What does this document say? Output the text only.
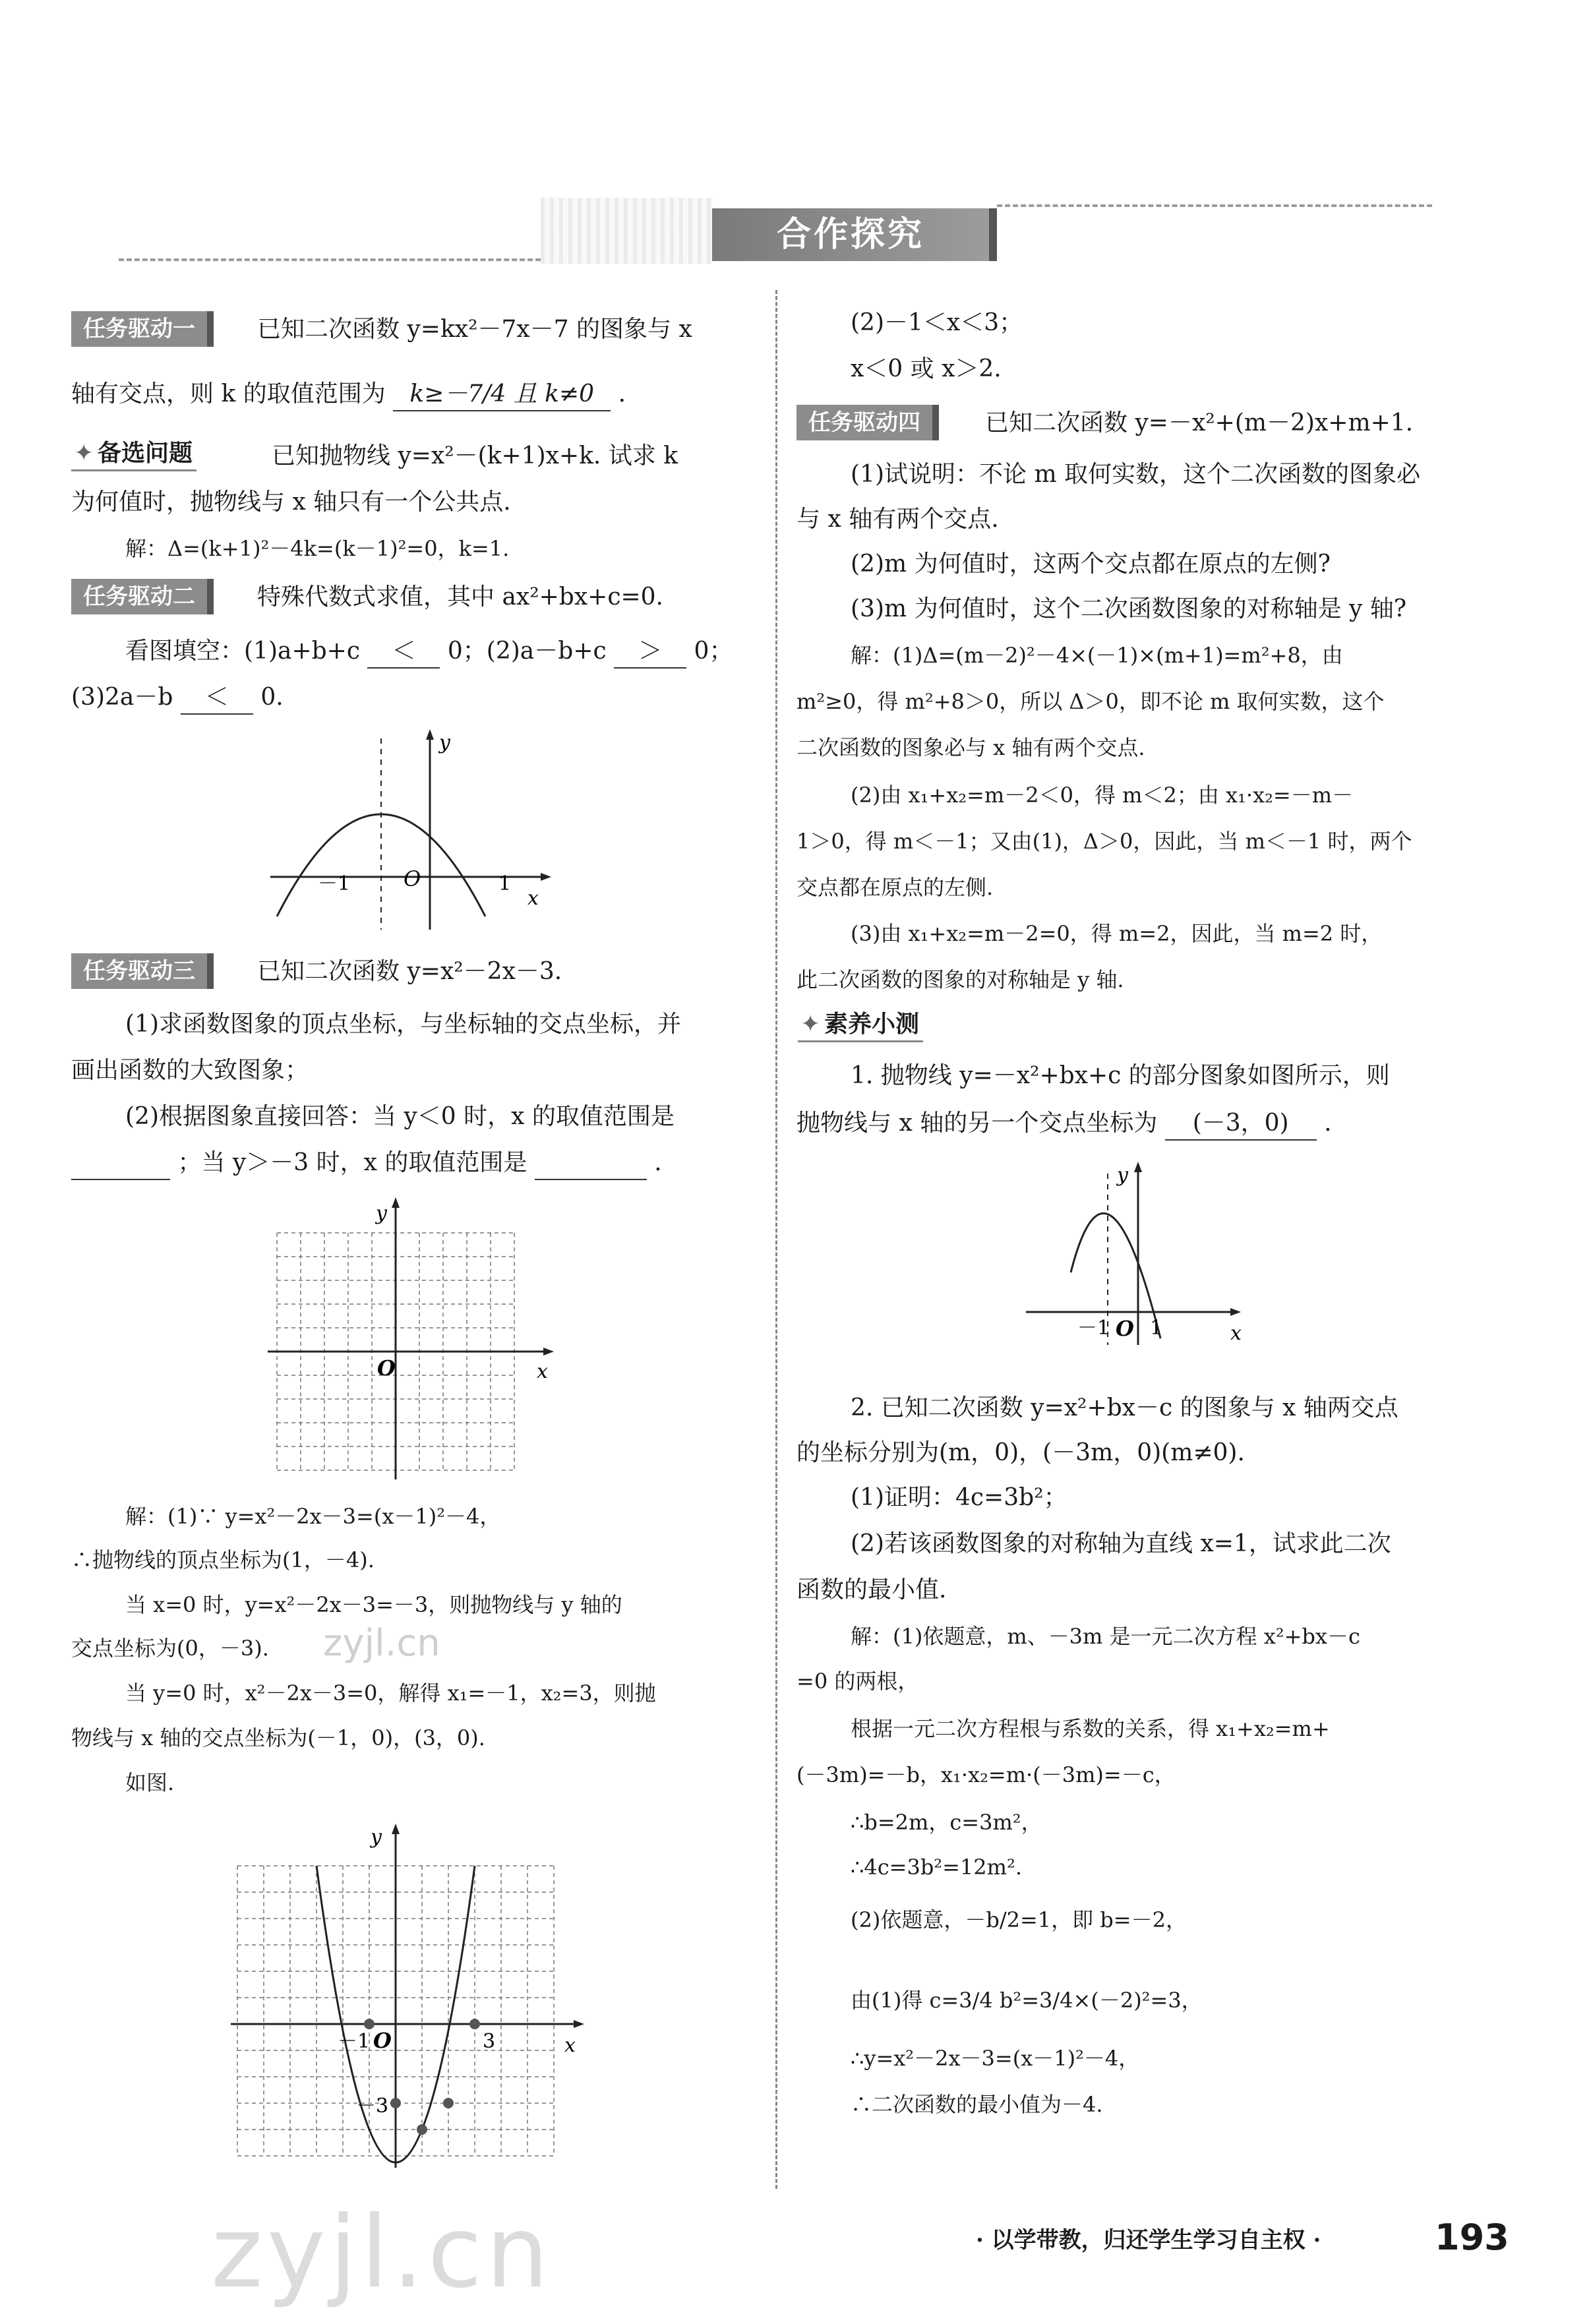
合作探究
任务驱动一	已知二次函数 y=kx²－7x－7 的图象与 x
轴有交点，则 k 的取值范围为 k≥－7/4 且 k≠0 .
✦ 备选问题	已知抛物线 y=x²－(k+1)x+k. 试求 k
为何值时，抛物线与 x 轴只有一个公共点.
解：Δ=(k+1)²－4k=(k－1)²=0，k=1.
任务驱动二	特殊代数式求值，其中 ax²+bx+c=0.
看图填空：(1)a+b+c ＜ 0；(2)a－b+c ＞ 0；
(3)2a－b ＜ 0.
y
x
O
－1	1
任务驱动三	已知二次函数 y=x²－2x－3.
(1)求函数图象的顶点坐标，与坐标轴的交点坐标，并
画出函数的大致图象；
(2)根据图象直接回答：当 y＜0 时，x 的取值范围是
；当 y＞－3 时，x 的取值范围是	.
y
x
O
解：(1)∵ y=x²－2x－3=(x－1)²－4，
∴抛物线的顶点坐标为(1，－4).
当 x=0 时，y=x²－2x－3=－3，则抛物线与 y 轴的
交点坐标为(0，－3).
当 y=0 时，x²－2x－3=0，解得 x₁=－1，x₂=3，则抛
物线与 x 轴的交点坐标为(－1，0)，(3，0).
如图.
y
x
O
－1	3
－3
(2)－1＜x＜3；
x＜0 或 x＞2.
任务驱动四	已知二次函数 y=－x²+(m－2)x+m+1.
(1)试说明：不论 m 取何实数，这个二次函数的图象必
与 x 轴有两个交点.
(2)m 为何值时，这两个交点都在原点的左侧?
(3)m 为何值时，这个二次函数图象的对称轴是 y 轴?
解：(1)Δ=(m－2)²－4×(－1)×(m+1)=m²+8，由
m²≥0，得 m²+8＞0，所以 Δ＞0，即不论 m 取何实数，这个
二次函数的图象必与 x 轴有两个交点.
(2)由 x₁+x₂=m－2＜0，得 m＜2；由 x₁·x₂=－m－
1＞0，得 m＜－1；又由(1)，Δ＞0，因此，当 m＜－1 时，两个
交点都在原点的左侧.
(3)由 x₁+x₂=m－2=0，得 m=2，因此，当 m=2 时，
此二次函数的图象的对称轴是 y 轴.
✦ 素养小测
1. 抛物线 y=－x²+bx+c 的部分图象如图所示，则
抛物线与 x 轴的另一个交点坐标为 (－3，0) .
y
x
O
－1 1
2. 已知二次函数 y=x²+bx－c 的图象与 x 轴两交点
的坐标分别为(m，0)，(－3m，0)(m≠0).
(1)证明：4c=3b²；
(2)若该函数图象的对称轴为直线 x=1，试求此二次
函数的最小值.
解：(1)依题意，m、－3m 是一元二次方程 x²+bx－c
=0 的两根，
根据一元二次方程根与系数的关系，得 x₁+x₂=m+
(－3m)=－b，x₁·x₂=m·(－3m)=－c，
∴b=2m，c=3m²，
∴4c=3b²=12m².
(2)依题意，－b/2=1，即 b=－2，
由(1)得 c=3/4 b²=3/4×(－2)²=3，
∴y=x²－2x－3=(x－1)²－4，
∴二次函数的最小值为－4.
· 以学带教，归还学生学习自主权 ·	193
zyjl.cn
zyjl.cn
